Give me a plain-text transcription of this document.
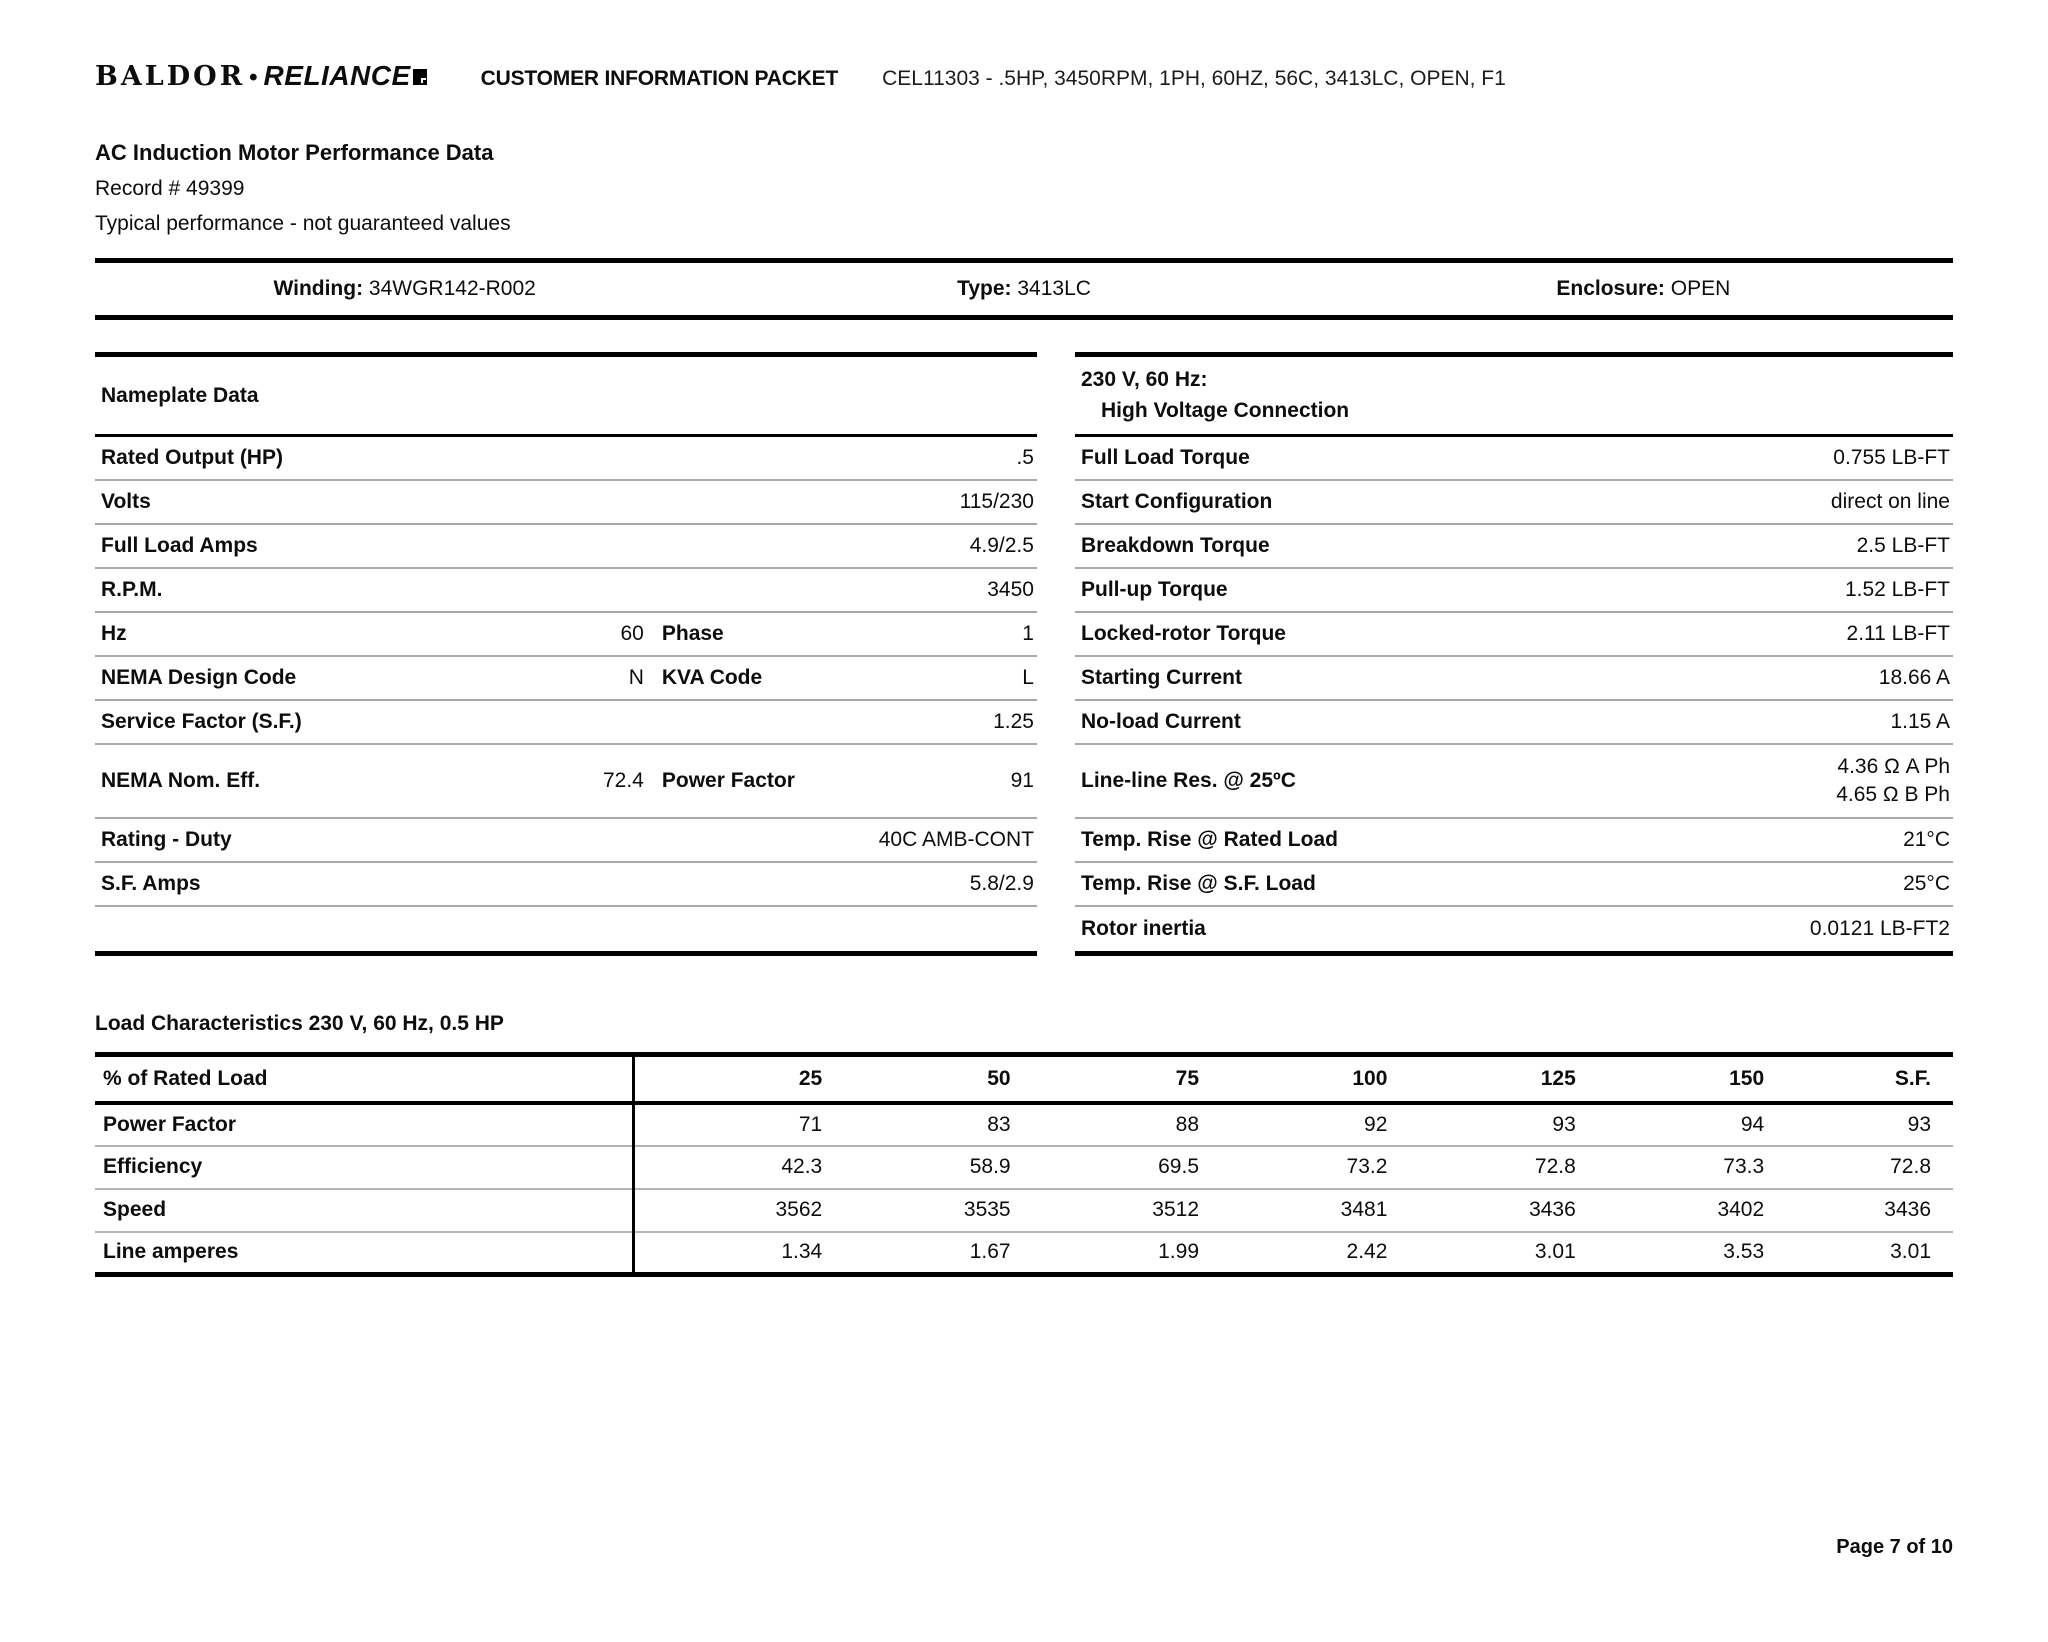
BALDOR • RELIANCE	CUSTOMER INFORMATION PACKET CEL11303 - .5HP, 3450RPM, 1PH, 60HZ, 56C, 3413LC, OPEN, F1
AC Induction Motor Performance Data
Record # 49399
Typical performance - not guaranteed values
Winding: 34WGR142-R002	Type: 3413LC	Enclosure: OPEN
Nameplate Data
Rated Output (HP)	.5
Volts	115/230
Full Load Amps	4.9/2.5
R.P.M.	3450
Hz	60 Phase	1
NEMA Design Code	N KVA Code	L
Service Factor (S.F.)	1.25
NEMA Nom. Eff.	72.4 Power Factor	91
Rating - Duty	40C AMB-CONT
S.F. Amps	5.8/2.9
230 V, 60 Hz:
High Voltage Connection
Full Load Torque	0.755 LB-FT
Start Configuration	direct on line
Breakdown Torque	2.5 LB-FT
Pull-up Torque	1.52 LB-FT
Locked-rotor Torque	2.11 LB-FT
Starting Current	18.66 A
No-load Current	1.15 A
Line-line Res. @ 25ºC
4.36 Ω A Ph
4.65 Ω B Ph
Temp. Rise @ Rated Load	21°C
Temp. Rise @ S.F. Load	25°C
Rotor inertia	0.0121 LB-FT2
Load Characteristics 230 V, 60 Hz, 0.5 HP
% of Rated Load	25	50	75	100	125	150	S.F.
Power Factor	71	83	88	92	93	94	93
Efficiency	42.3	58.9	69.5	73.2	72.8	73.3	72.8
Speed	3562	3535	3512	3481	3436	3402	3436
Line amperes	1.34	1.67	1.99	2.42	3.01	3.53	3.01
Page 7 of 10
